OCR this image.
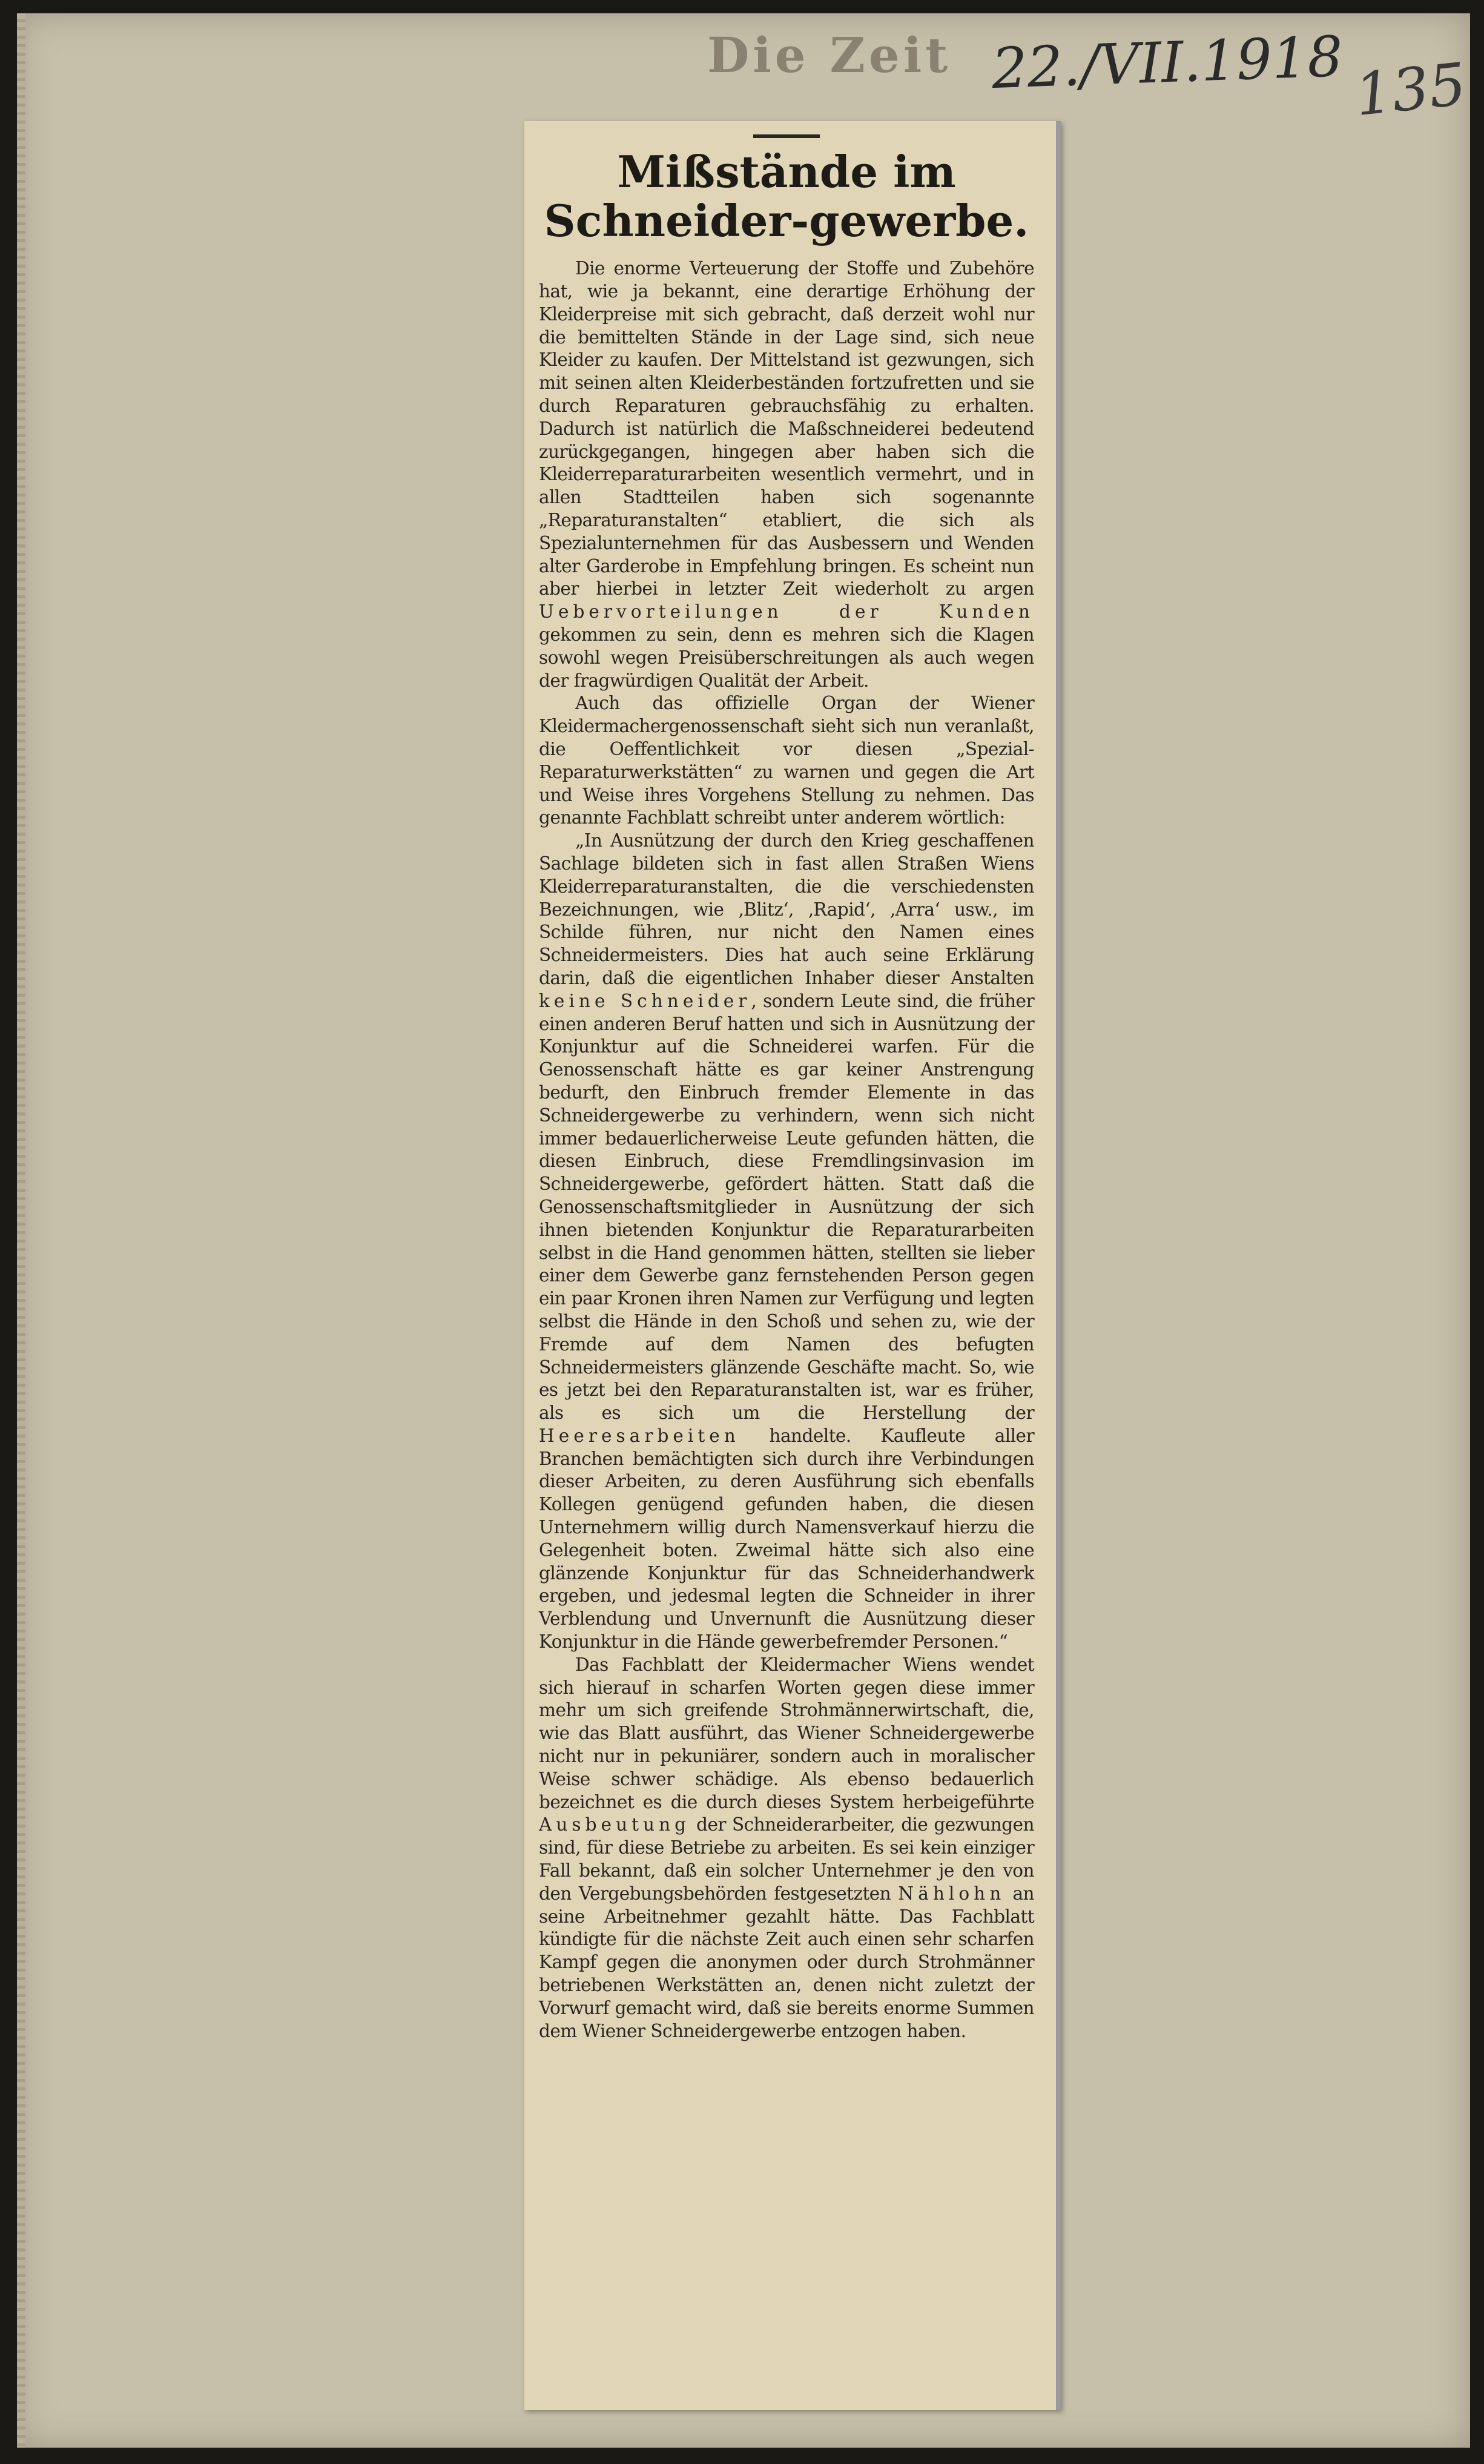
Die Zeit 22./VII.1918 135
Mißstände im Schneider-gewerbe.

Die enorme Verteuerung der Stoffe und Zubehöre hat, wie ja bekannt, eine derartige Erhöhung der Kleiderpreise mit sich gebracht, daß derzeit wohl nur die bemittelten Stände in der Lage sind, sich neue Kleider zu kaufen. Der Mittelstand ist gezwungen, sich mit seinen alten Kleiderbeständen fortzufretten und sie durch Reparaturen gebrauchsfähig zu erhalten. Dadurch ist natürlich die Maßschneiderei bedeutend zurückgegangen, hingegen aber haben sich die Kleiderreparaturarbeiten wesentlich vermehrt, und in allen Stadtteilen haben sich sogenannte „Reparaturanstalten“ etabliert, die sich als Spezialunternehmen für das Ausbessern und Wenden alter Garderobe in Empfehlung bringen. Es scheint nun aber hierbei in letzter Zeit wiederholt zu argen Uebervorteilungen der Kunden gekommen zu sein, denn es mehren sich die Klagen sowohl wegen Preisüberschreitungen als auch wegen der fragwürdigen Qualität der Arbeit.

Auch das offizielle Organ der Wiener Kleidermachergenossenschaft sieht sich nun veranlaßt, die Oeffentlichkeit vor diesen „Spezial-Reparaturwerkstätten“ zu warnen und gegen die Art und Weise ihres Vorgehens Stellung zu nehmen. Das genannte Fachblatt schreibt unter anderem wörtlich:

„In Ausnützung der durch den Krieg geschaffenen Sachlage bildeten sich in fast allen Straßen Wiens Kleiderreparaturanstalten, die die verschiedensten Bezeichnungen, wie ‚Blitz‘, ‚Rapid‘, ‚Arra‘ usw., im Schilde führen, nur nicht den Namen eines Schneidermeisters. Dies hat auch seine Erklärung darin, daß die eigentlichen Inhaber dieser Anstalten keine Schneider, sondern Leute sind, die früher einen anderen Beruf hatten und sich in Ausnützung der Konjunktur auf die Schneiderei warfen. Für die Genossenschaft hätte es gar keiner Anstrengung bedurft, den Einbruch fremder Elemente in das Schneidergewerbe zu verhindern, wenn sich nicht immer bedauerlicherweise Leute gefunden hätten, die diesen Einbruch, diese Fremdlingsinvasion im Schneidergewerbe, gefördert hätten. Statt daß die Genossenschaftsmitglieder in Ausnützung der sich ihnen bietenden Konjunktur die Reparaturarbeiten selbst in die Hand genommen hätten, stellten sie lieber einer dem Gewerbe ganz fernstehenden Person gegen ein paar Kronen ihren Namen zur Verfügung und legten selbst die Hände in den Schoß und sehen zu, wie der Fremde auf dem Namen des befugten Schneidermeisters glänzende Geschäfte macht. So, wie es jetzt bei den Reparaturanstalten ist, war es früher, als es sich um die Herstellung der Heeresarbeiten handelte. Kaufleute aller Branchen bemächtigten sich durch ihre Verbindungen dieser Arbeiten, zu deren Ausführung sich ebenfalls Kollegen genügend gefunden haben, die diesen Unternehmern willig durch Namensverkauf hierzu die Gelegenheit boten. Zweimal hätte sich also eine glänzende Konjunktur für das Schneiderhandwerk ergeben, und jedesmal legten die Schneider in ihrer Verblendung und Unvernunft die Ausnützung dieser Konjunktur in die Hände gewerbefremder Personen.“

Das Fachblatt der Kleidermacher Wiens wendet sich hierauf in scharfen Worten gegen diese immer mehr um sich greifende Strohmännerwirtschaft, die, wie das Blatt ausführt, das Wiener Schneidergewerbe nicht nur in pekuniärer, sondern auch in moralischer Weise schwer schädige. Als ebenso bedauerlich bezeichnet es die durch dieses System herbeigeführte Ausbeutung der Schneiderarbeiter, die gezwungen sind, für diese Betriebe zu arbeiten. Es sei kein einziger Fall bekannt, daß ein solcher Unternehmer je den von den Vergebungsbehörden festgesetzten Nählohn an seine Arbeitnehmer gezahlt hätte. Das Fachblatt kündigte für die nächste Zeit auch einen sehr scharfen Kampf gegen die anonymen oder durch Strohmänner betriebenen Werkstätten an, denen nicht zuletzt der Vorwurf gemacht wird, daß sie bereits enorme Summen dem Wiener Schneidergewerbe entzogen haben.
